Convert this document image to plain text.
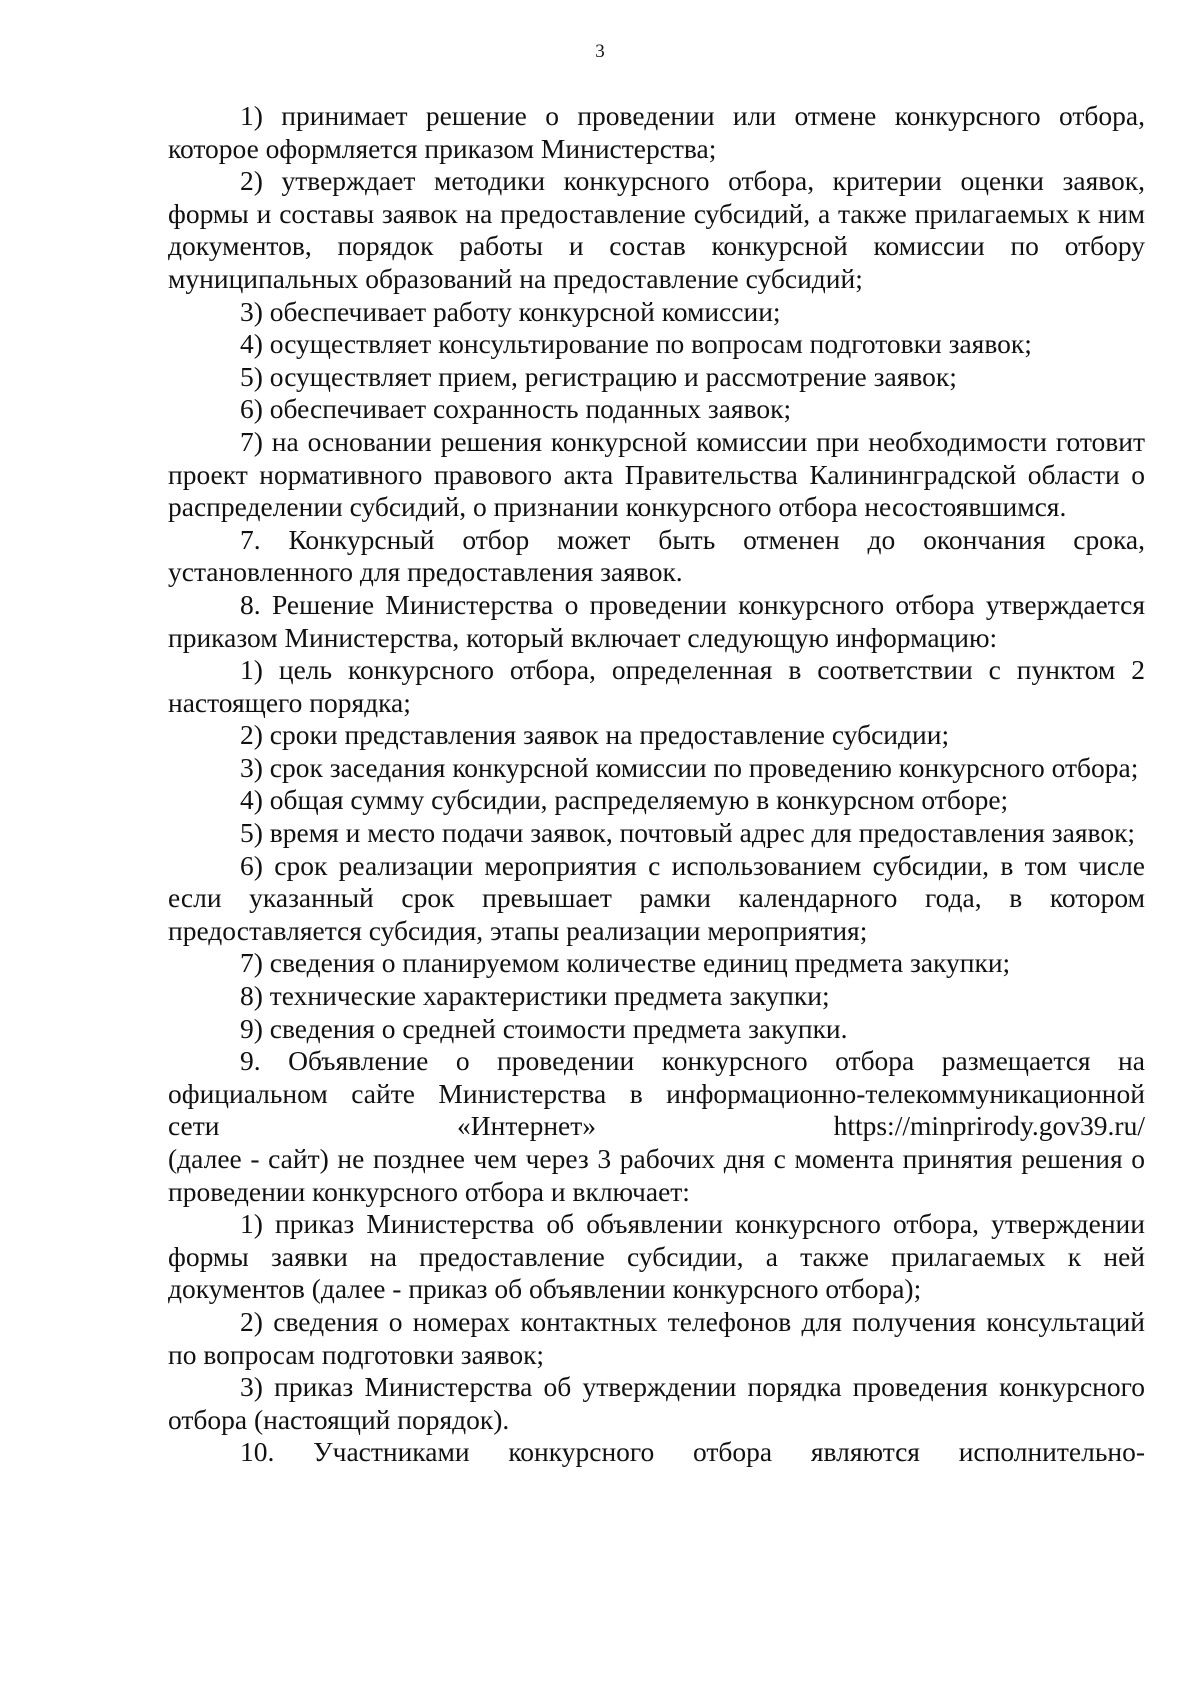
3

1) принимает решение о проведении или отмене конкурсного отбора, которое оформляется приказом Министерства;

2) утверждает методики конкурсного отбора, критерии оценки заявок, формы и составы заявок на предоставление субсидий, а также прилагаемых к ним документов, порядок работы и состав конкурсной комиссии по отбору муниципальных образований на предоставление субсидий;

3) обеспечивает работу конкурсной комиссии;

4) осуществляет консультирование по вопросам подготовки заявок;

5) осуществляет прием, регистрацию и рассмотрение заявок;

6) обеспечивает сохранность поданных заявок;

7) на основании решения конкурсной комиссии при необходимости готовит проект нормативного правового акта Правительства Калининградской области о распределении субсидий, о признании конкурсного отбора несостоявшимся.

7. Конкурсный отбор может быть отменен до окончания срока, установленного для предоставления заявок.

8. Решение Министерства о проведении конкурсного отбора утверждается приказом Министерства, который включает следующую информацию:

1) цель конкурсного отбора, определенная в соответствии с пунктом 2 настоящего порядка;

2) сроки представления заявок на предоставление субсидии;

3) срок заседания конкурсной комиссии по проведению конкурсного отбора;

4) общая сумму субсидии, распределяемую в конкурсном отборе;

5) время и место подачи заявок, почтовый адрес для предоставления заявок;

6) срок реализации мероприятия с использованием субсидии, в том числе если указанный срок превышает рамки календарного года, в котором предоставляется субсидия, этапы реализации мероприятия;

7) сведения о планируемом количестве единиц предмета закупки;

8) технические характеристики предмета закупки;

9) сведения о средней стоимости предмета закупки.

9. Объявление о проведении конкурсного отбора размещается на официальном сайте Министерства в информационно-телекоммуникационной

сети	«Интернет»	https://minprirody.gov39.ru/

(далее - сайт) не позднее чем через 3 рабочих дня с момента принятия решения о проведении конкурсного отбора и включает:

1) приказ Министерства об объявлении конкурсного отбора, утверждении формы заявки на предоставление субсидии, а также прилагаемых к ней документов (далее - приказ об объявлении конкурсного отбора);

2) сведения о номерах контактных телефонов для получения консультаций по вопросам подготовки заявок;

3) приказ Министерства об утверждении порядка проведения конкурсного отбора (настоящий порядок).

10. Участниками конкурсного отбора являются исполнительно-
